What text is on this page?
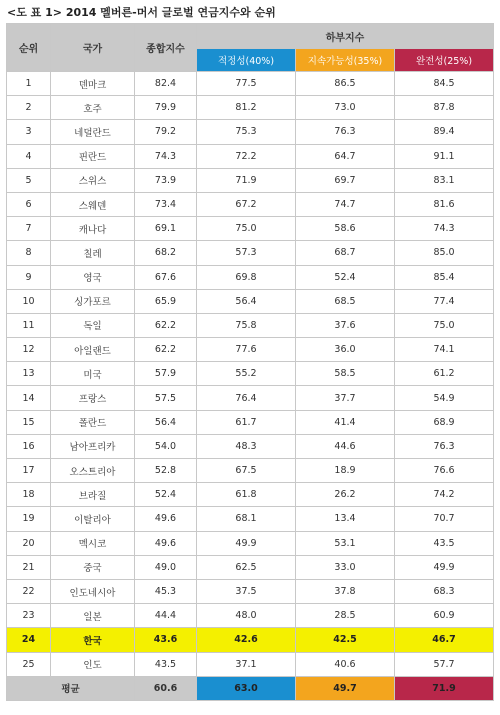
<도 표 1> 2014 멜버른-머서 글로벌 연금지수와 순위
순위	국가	종합지수	하부지수		
			적정성(40%)	지속가능성(35%)	완전성(25%)
1	덴마크	82.4	77.5	86.5	84.5
2	호주	79.9	81.2	73.0	87.8
3	네덜란드	79.2	75.3	76.3	89.4
4	핀란드	74.3	72.2	64.7	91.1
5	스위스	73.9	71.9	69.7	83.1
6	스웨덴	73.4	67.2	74.7	81.6
7	캐나다	69.1	75.0	58.6	74.3
8	칠레	68.2	57.3	68.7	85.0
9	영국	67.6	69.8	52.4	85.4
10	싱가포르	65.9	56.4	68.5	77.4
11	독일	62.2	75.8	37.6	75.0
12	아일랜드	62.2	77.6	36.0	74.1
13	미국	57.9	55.2	58.5	61.2
14	프랑스	57.5	76.4	37.7	54.9
15	폴란드	56.4	61.7	41.4	68.9
16	남아프리카	54.0	48.3	44.6	76.3
17	오스트리아	52.8	67.5	18.9	76.6
18	브라질	52.4	61.8	26.2	74.2
19	이탈리아	49.6	68.1	13.4	70.7
20	멕시코	49.6	49.9	53.1	43.5
21	중국	49.0	62.5	33.0	49.9
22	인도네시아	45.3	37.5	37.8	68.3
23	일본	44.4	48.0	28.5	60.9
24	한국	43.6	42.6	42.5	46.7
25	인도	43.5	37.1	40.6	57.7
평균		60.6	63.0	49.7	71.9
